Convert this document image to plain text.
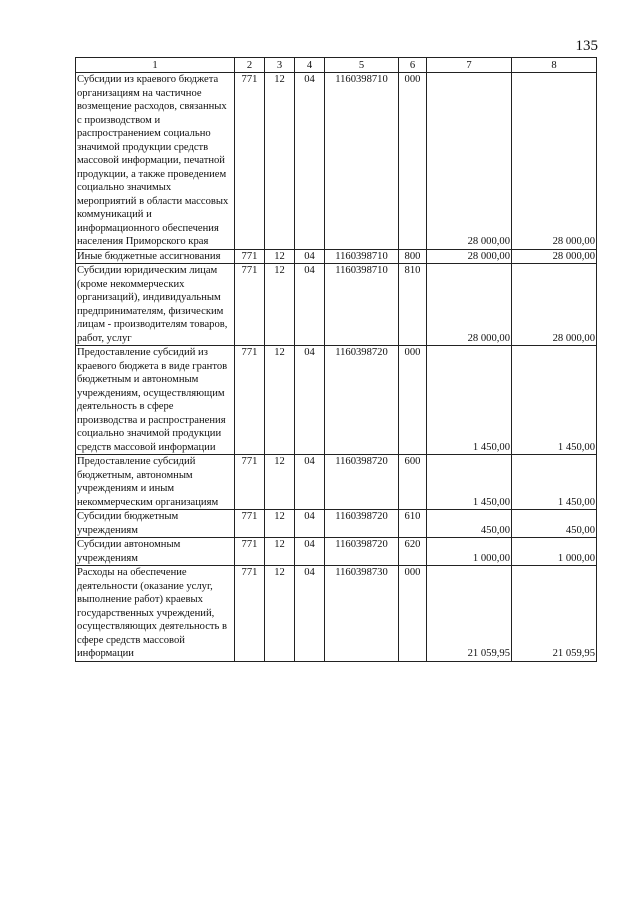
135
1	2	3	4	5	6	7	8
Субсидии из краевого бюджета организациям на частичное возмещение расходов, связанных с производством и распространением социально значимой продукции средств массовой информации, печатной продукции, а также проведением социально значимых мероприятий в области массовых коммуникаций и информационного обеспечения населения Приморского края	771	12	04	1160398710	000	28 000,00	28 000,00
Иные бюджетные ассигнования	771	12	04	1160398710	800	28 000,00	28 000,00
Субсидии юридическим лицам (кроме некоммерческих организаций), индивидуальным предпринимателям, физическим лицам - производителям товаров, работ, услуг	771	12	04	1160398710	810	28 000,00	28 000,00
Предоставление субсидий из краевого бюджета в виде грантов бюджетным и автономным учреждениям, осуществляющим деятельность в сфере производства и распространения социально значимой продукции средств массовой информации	771	12	04	1160398720	000	1 450,00	1 450,00
Предоставление субсидий бюджетным, автономным учреждениям и иным некоммерческим организациям	771	12	04	1160398720	600	1 450,00	1 450,00
Субсидии бюджетным учреждениям	771	12	04	1160398720	610	450,00	450,00
Субсидии автономным учреждениям	771	12	04	1160398720	620	1 000,00	1 000,00
Расходы на обеспечение деятельности (оказание услуг, выполнение работ) краевых государственных учреждений, осуществляющих деятельность в сфере средств массовой информации	771	12	04	1160398730	000	21 059,95	21 059,95
